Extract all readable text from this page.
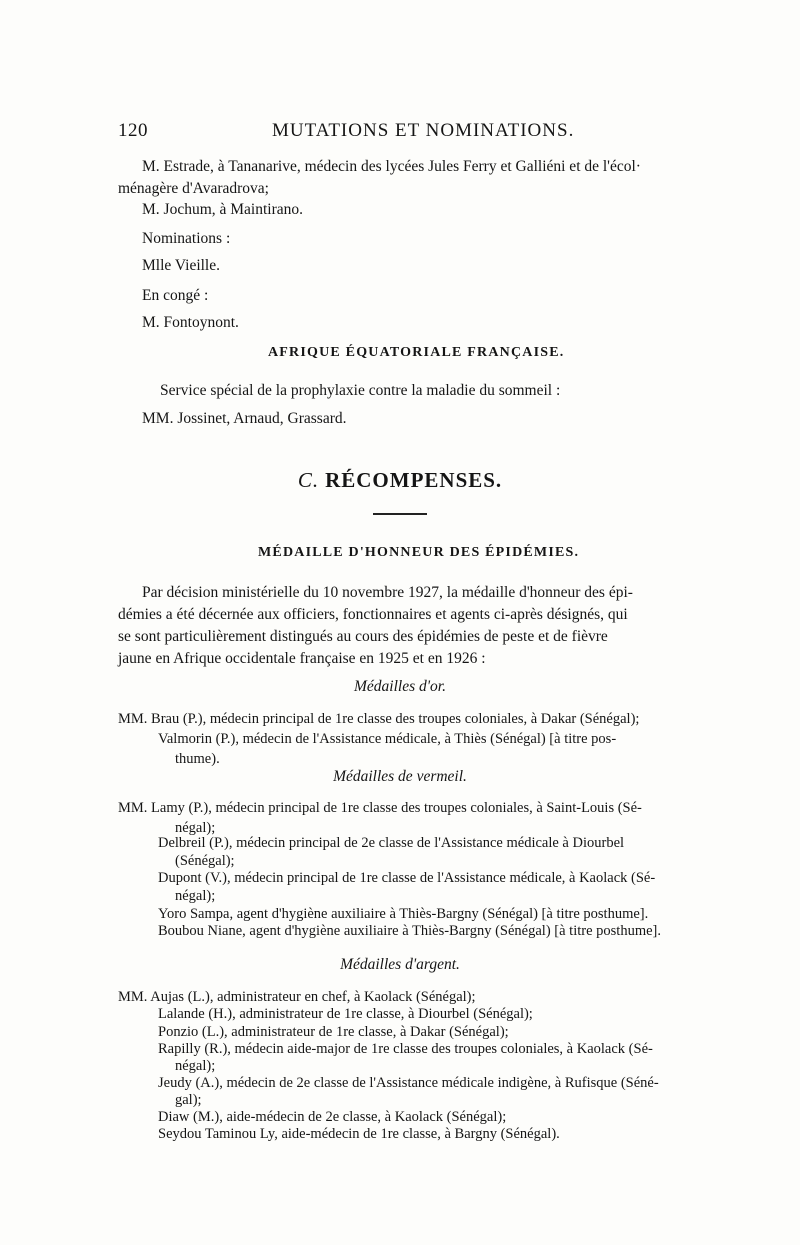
120	MUTATIONS ET NOMINATIONS.
M. Estrade, à Tananarive, médecin des lycées Jules Ferry et Galliéni et de l'écol·
ménagère d'Avaradrova;
M. Jochum, à Maintirano.
Nominations :
Mlle Vieille.
En congé :
M. Fontoynont.
AFRIQUE ÉQUATORIALE FRANÇAISE.
Service spécial de la prophylaxie contre la maladie du sommeil :
MM. Jossinet, Arnaud, Grassard.
C. RÉCOMPENSES.
MÉDAILLE D'HONNEUR DES ÉPIDÉMIES.
Par décision ministérielle du 10 novembre 1927, la médaille d'honneur des épi-
démies a été décernée aux officiers, fonctionnaires et agents ci-après désignés, qui
se sont particulièrement distingués au cours des épidémies de peste et de fièvre
jaune en Afrique occidentale française en 1925 et en 1926 :
Médailles d'or.
MM. Brau (P.), médecin principal de 1re classe des troupes coloniales, à Dakar (Sénégal);
Valmorin (P.), médecin de l'Assistance médicale, à Thiès (Sénégal) [à titre pos-
thume).
Médailles de vermeil.
MM. Lamy (P.), médecin principal de 1re classe des troupes coloniales, à Saint-Louis (Sé-
négal);
Delbreil (P.), médecin principal de 2e classe de l'Assistance médicale à Diourbel
(Sénégal);
Dupont (V.), médecin principal de 1re classe de l'Assistance médicale, à Kaolack (Sé-
négal);
Yoro Sampa, agent d'hygiène auxiliaire à Thiès-Bargny (Sénégal) [à titre posthume].
Boubou Niane, agent d'hygiène auxiliaire à Thiès-Bargny (Sénégal) [à titre posthume].
Médailles d'argent.
MM. Aujas (L.), administrateur en chef, à Kaolack (Sénégal);
Lalande (H.), administrateur de 1re classe, à Diourbel (Sénégal);
Ponzio (L.), administrateur de 1re classe, à Dakar (Sénégal);
Rapilly (R.), médecin aide-major de 1re classe des troupes coloniales, à Kaolack (Sé-
négal);
Jeudy (A.), médecin de 2e classe de l'Assistance médicale indigène, à Rufisque (Séné-
gal);
Diaw (M.), aide-médecin de 2e classe, à Kaolack (Sénégal);
Seydou Taminou Ly, aide-médecin de 1re classe, à Bargny (Sénégal).
